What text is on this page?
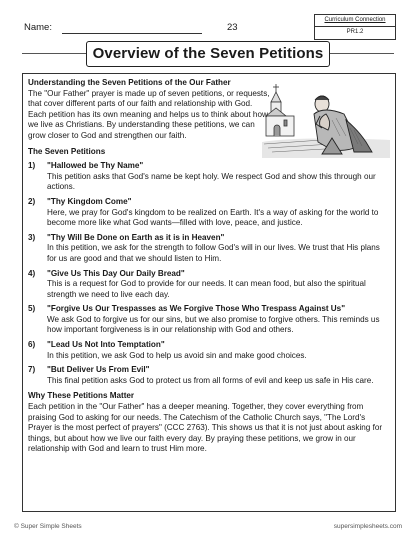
Name:	23
Curriculum Connection
PR1.2
Overview of the Seven Petitions
Understanding the Seven Petitions of the Our Father
The "Our Father" prayer is made up of seven petitions, or requests, that cover different parts of our faith and relationship with God. Each petition has its own meaning and helps us to think about how we live as Christians. By understanding these petitions, we can grow closer to God and strengthen our faith.
The Seven Petitions
1) "Hallowed be Thy Name"
This petition asks that God's name be kept holy. We respect God and show this through our actions.
2) "Thy Kingdom Come"
Here, we pray for God's kingdom to be realized on Earth. It's a way of asking for the world to become more like what God wants—filled with love, peace, and justice.
3) "Thy Will Be Done on Earth as it is in Heaven"
In this petition, we ask for the strength to follow God's will in our lives. We trust that His plans for us are good and that we should listen to Him.
4) "Give Us This Day Our Daily Bread"
This is a request for God to provide for our needs. It can mean food, but also the spiritual strength we need to live each day.
5) "Forgive Us Our Trespasses as We Forgive Those Who Trespass Against Us"
We ask God to forgive us for our sins, but we also promise to forgive others. This reminds us how important forgiveness is in our relationship with God and others.
6) "Lead Us Not Into Temptation"
In this petition, we ask God to help us avoid sin and make good choices.
7) "But Deliver Us From Evil"
This final petition asks God to protect us from all forms of evil and keep us safe in His care.
Why These Petitions Matter
Each petition in the "Our Father" has a deeper meaning. Together, they cover everything from praising God to asking for our needs. The Catechism of the Catholic Church says, "The Lord's Prayer is the most perfect of prayers" (CCC 2763). This shows us that it is not just about asking for things, but about how we live our faith every day. By praying these petitions, we grow in our relationship with God and learn to trust Him more.
© Super Simple Sheets	supersimplesheets.com
